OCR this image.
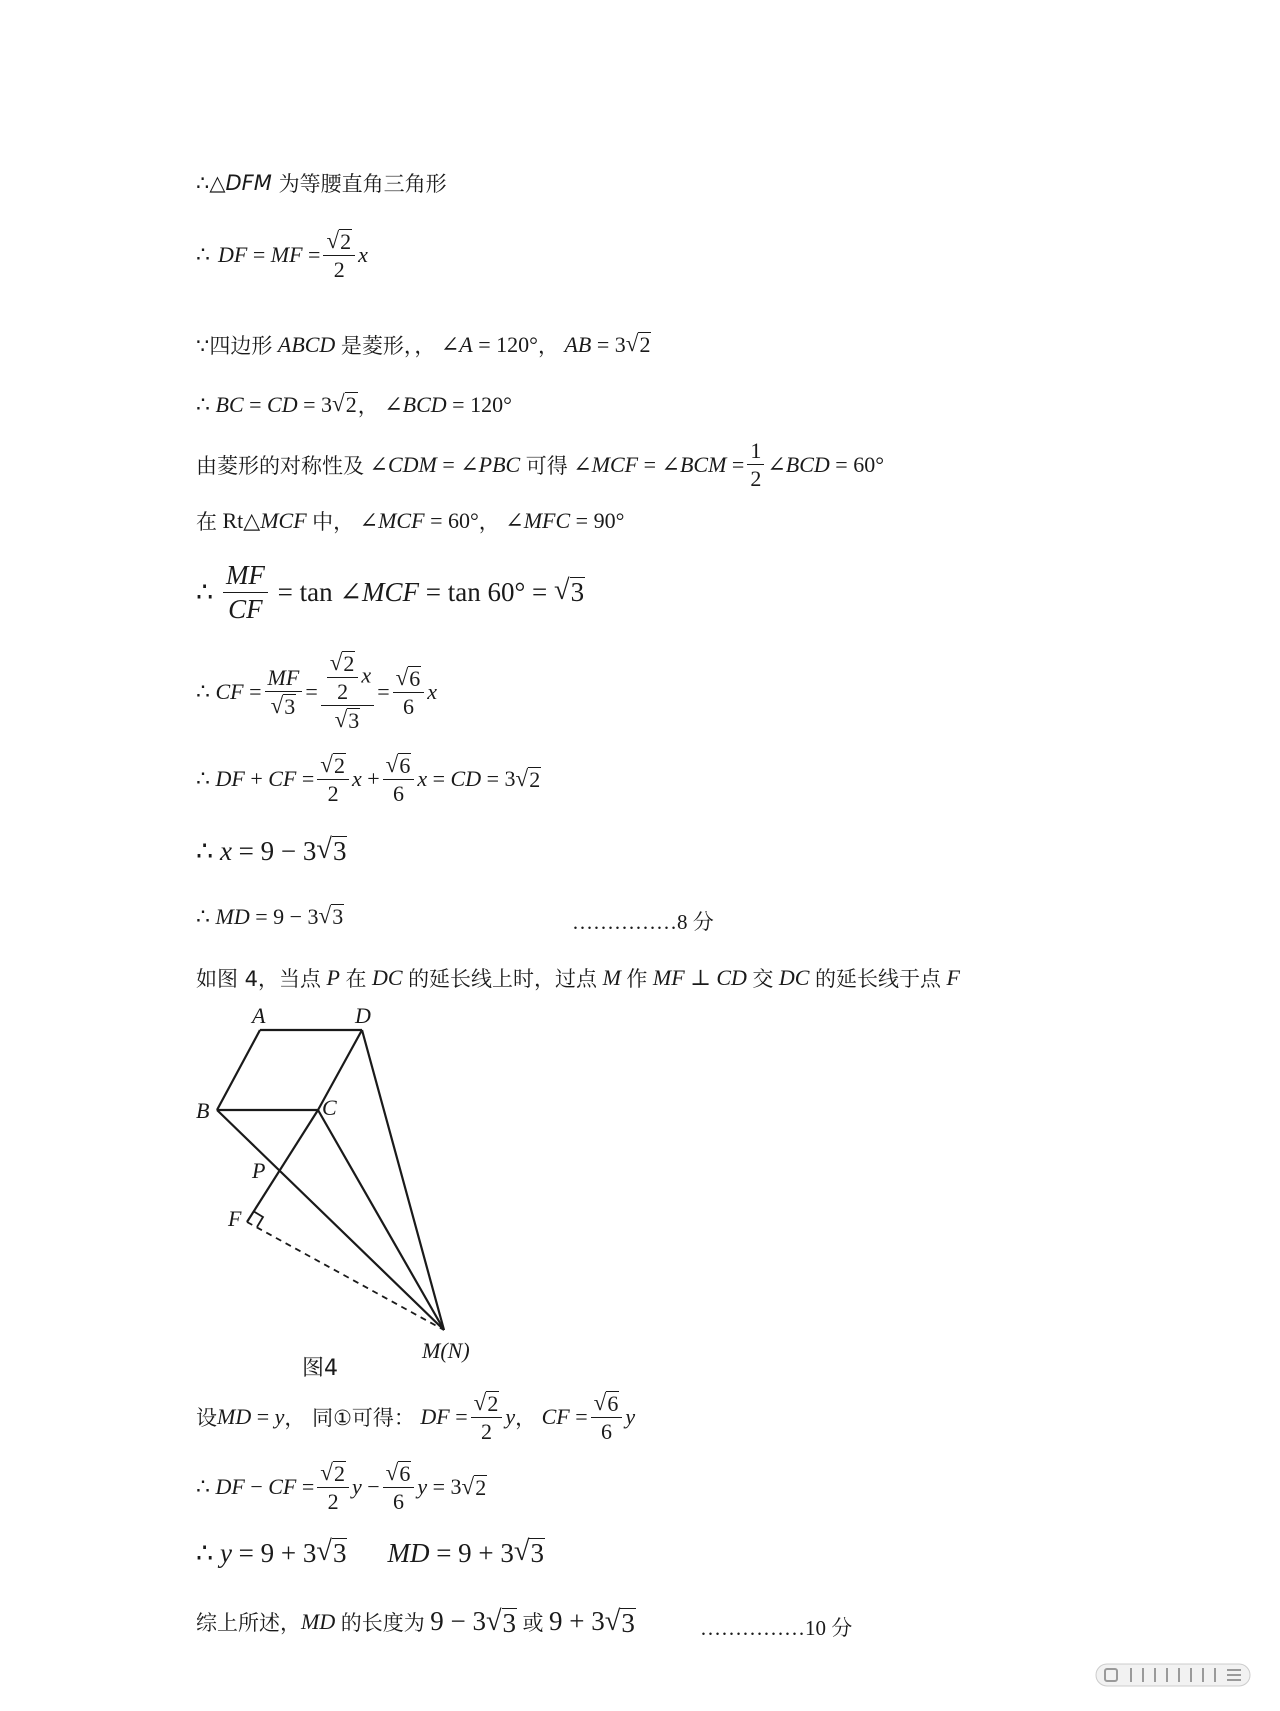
∴△ DFM 为等腰直角三角形
∴ DF = MF = $\frac{√ 2}{2}$ x
∵四边形
ABCD
是菱形，， ∠ A = 120° ，
AB = 3 √ 2
∴ BC = CD = 3 √ 2 ， ∠ BCD = 120°
由菱形的对称性及 ∠ CDM = ∠ PBC
可得 ∠ MCF = ∠ BCM = $\frac{1}{2}$ ∠ BCD = 60°
在 Rt△ MCF
中， ∠ MCF = 60° ， ∠ MFC = 90°
∴ $\frac{MF}{CF} = \tan$ ∠ MCF = tan 60° = √ 3
∴ CF = $\frac{MF}{√ 3} = \frac{\frac{√ 2}{2} x}{√ 3} = \frac{√ 6}{6}$ x
∴ DF + CF = $\frac{√ 2}{2}$ $x + \frac{√ 6}{6}$ x = CD = 3 √ 2
∴ x = 9 − 3 √ 3
∴ MD = 9 − 3 √ 3	……………8 分
如图 4，当点
P
在
DC
的延长线上时，过点
M
作
MF ⊥ CD
交
DC
的延长线于点
F
A	D
B	C
P
F
M(N)
图4
设 MD = y ， 同①可得：
DF = $\frac{√ 2}{2}$ y ，
CF = $\frac{√ 6}{6}$ y
∴ DF − CF = $\frac{√ 2}{2}$ $y - \frac{√ 6}{6}$ y = 3 √ 2
∴ y = 9 + 3 √ 3 MD = 9 + 3 √ 3
综上所述， MD
的长度为
9 − 3 √ 3
或
9 + 3 √ 3	……………10 分
